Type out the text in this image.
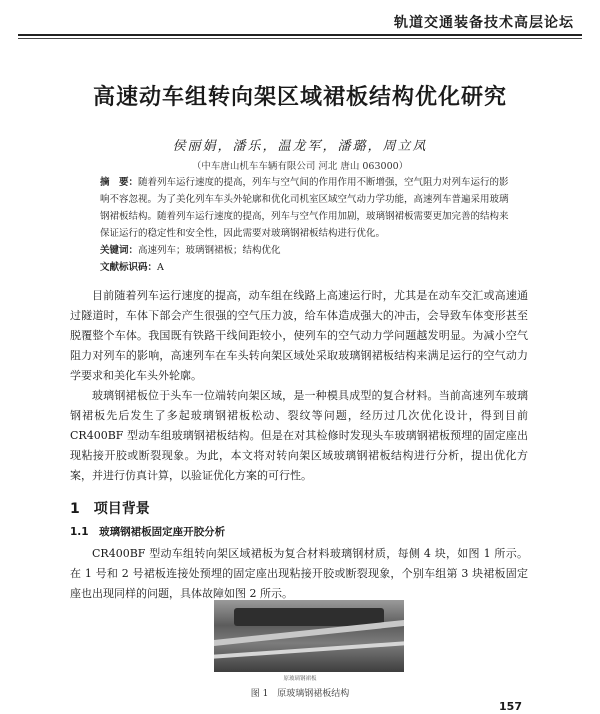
轨道交通装备技术高层论坛
高速动车组转向架区域裙板结构优化研究
侯丽娟，潘乐，温龙军，潘璐，周立凤
（中车唐山机车车辆有限公司 河北 唐山 063000）

摘　要：随着列车运行速度的提高，列车与空气间的作用作用不断增强，空气阻力对列车运行的影响不容忽视。为了美化列车车头外轮廓和优化司机室区域空气动力学功能，高速列车普遍采用玻璃钢裙板结构。随着列车运行速度的提高，列车与空气作用加剧，玻璃钢裙板需要更加完善的结构来保证运行的稳定性和安全性，因此需要对玻璃钢裙板结构进行优化。

关键词：高速列车；玻璃钢裙板；结构优化

文献标识码：A

目前随着列车运行速度的提高，动车组在线路上高速运行时，尤其是在动车交汇或高速通过隧道时，车体下部会产生很强的空气压力波，给车体造成强大的冲击，会导致车体变形甚至脱覆整个车体。我国既有铁路干线间距较小，使列车的空气动力学问题越发明显。为减小空气阻力对列车的影响，高速列车在车头转向架区域处采取玻璃钢裙板结构来满足运行的空气动力学要求和美化车头外轮廓。

玻璃钢裙板位于头车一位端转向架区域，是一种模具成型的复合材料。当前高速列车玻璃钢裙板先后发生了多起玻璃钢裙板松动、裂纹等问题，经历过几次优化设计，得到目前 CR400BF 型动车组玻璃钢裙板结构。但是在对其检修时发现头车玻璃钢裙板预埋的固定座出现粘接开胶或断裂现象。为此，本文将对转向架区域玻璃钢裙板结构进行分析，提出优化方案，并进行仿真计算，以验证优化方案的可行性。

1　项目背景
1.1　玻璃钢裙板固定座开胶分析

CR400BF 型动车组转向架区域裙板为复合材料玻璃钢材质，每侧 4 块，如图 1 所示。在 1 号和 2 号裙板连接处预埋的固定座出现粘接开胶或断裂现象，个别车组第 3 块裙板固定座也出现同样的问题，具体故障如图 2 所示。

原玻璃钢裙板
图 1　原玻璃钢裙板结构
157
